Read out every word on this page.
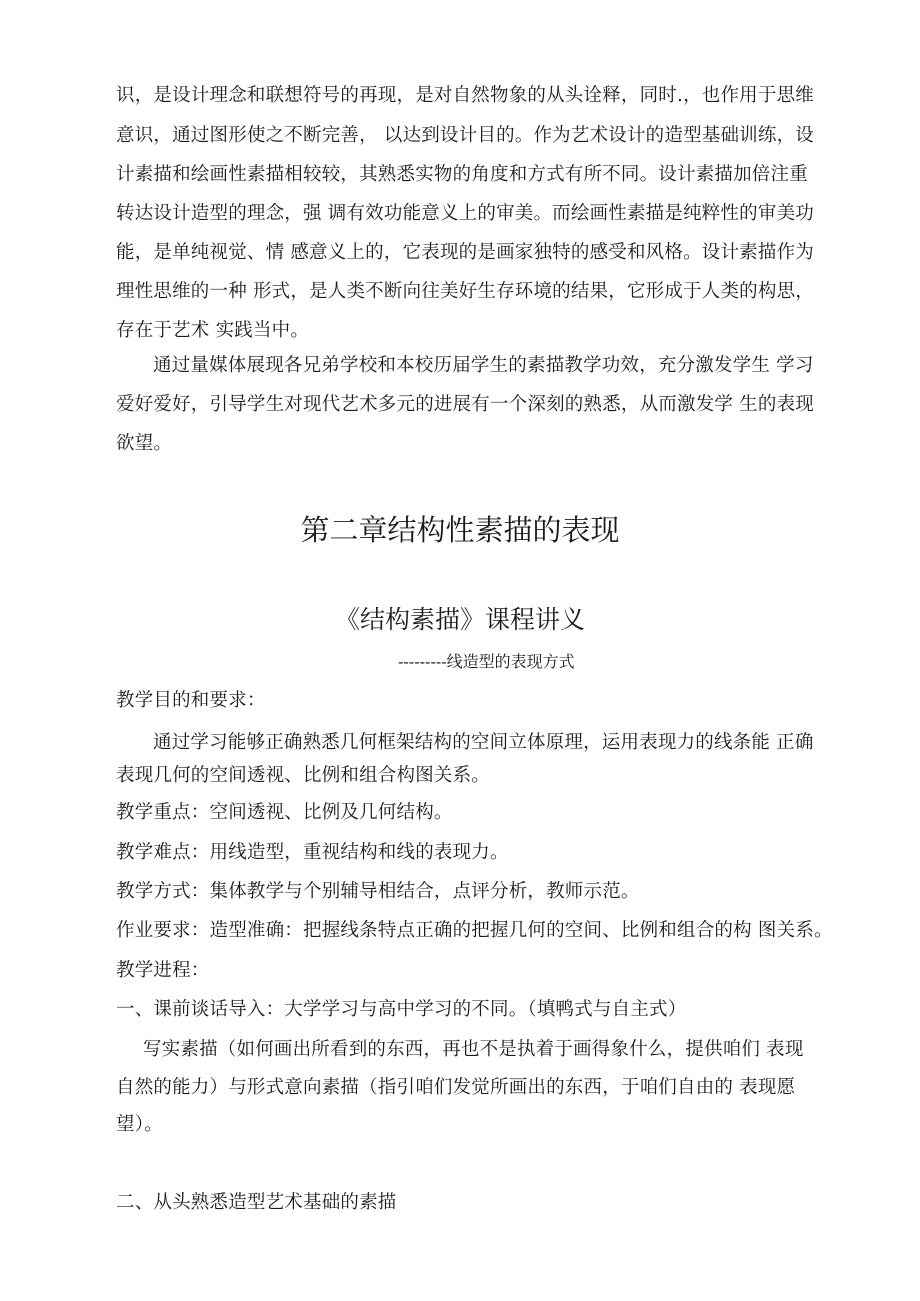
识，是设计理念和联想符号的再现，是对自然物象的从头诠释，同时.，也作用于思维
意识，通过图形使之不断完善， 以达到设计目的。作为艺术设计的造型基础训练，设
计素描和绘画性素描相较较，其熟悉实物的角度和方式有所不同。设计素描加倍注重
转达设计造型的理念，强 调有效功能意义上的审美。而绘画性素描是纯粹性的审美功
能，是单纯视觉、情 感意义上的，它表现的是画家独特的感受和风格。设计素描作为
理性思维的一种 形式，是人类不断向往美好生存环境的结果，它形成于人类的构思，
存在于艺术 实践当中。
通过量媒体展现各兄弟学校和本校历届学生的素描教学功效，充分激发学生 学习
爱好爱好，引导学生对现代艺术多元的进展有一个深刻的熟悉，从而激发学 生的表现
欲望。
第二章结构性素描的表现
《结构素描》课程讲义
---------线造型的表现方式
教学目的和要求：
通过学习能够正确熟悉几何框架结构的空间立体原理，运用表现力的线条能 正确
表现几何的空间透视、比例和组合构图关系。
教学重点：空间透视、比例及几何结构。
教学难点：用线造型，重视结构和线的表现力。
教学方式：集体教学与个别辅导相结合，点评分析，教师示范。
作业要求：造型准确：把握线条特点正确的把握几何的空间、比例和组合的构 图关系。
教学进程：
一、课前谈话导入：大学学习与高中学习的不同。（填鸭式与自主式）
写实素描（如何画出所看到的东西，再也不是执着于画得象什么，提供咱们 表现
自然的能力）与形式意向素描（指引咱们发觉所画出的东西，于咱们自由的 表现愿
望）。
二、从头熟悉造型艺术基础的素描
